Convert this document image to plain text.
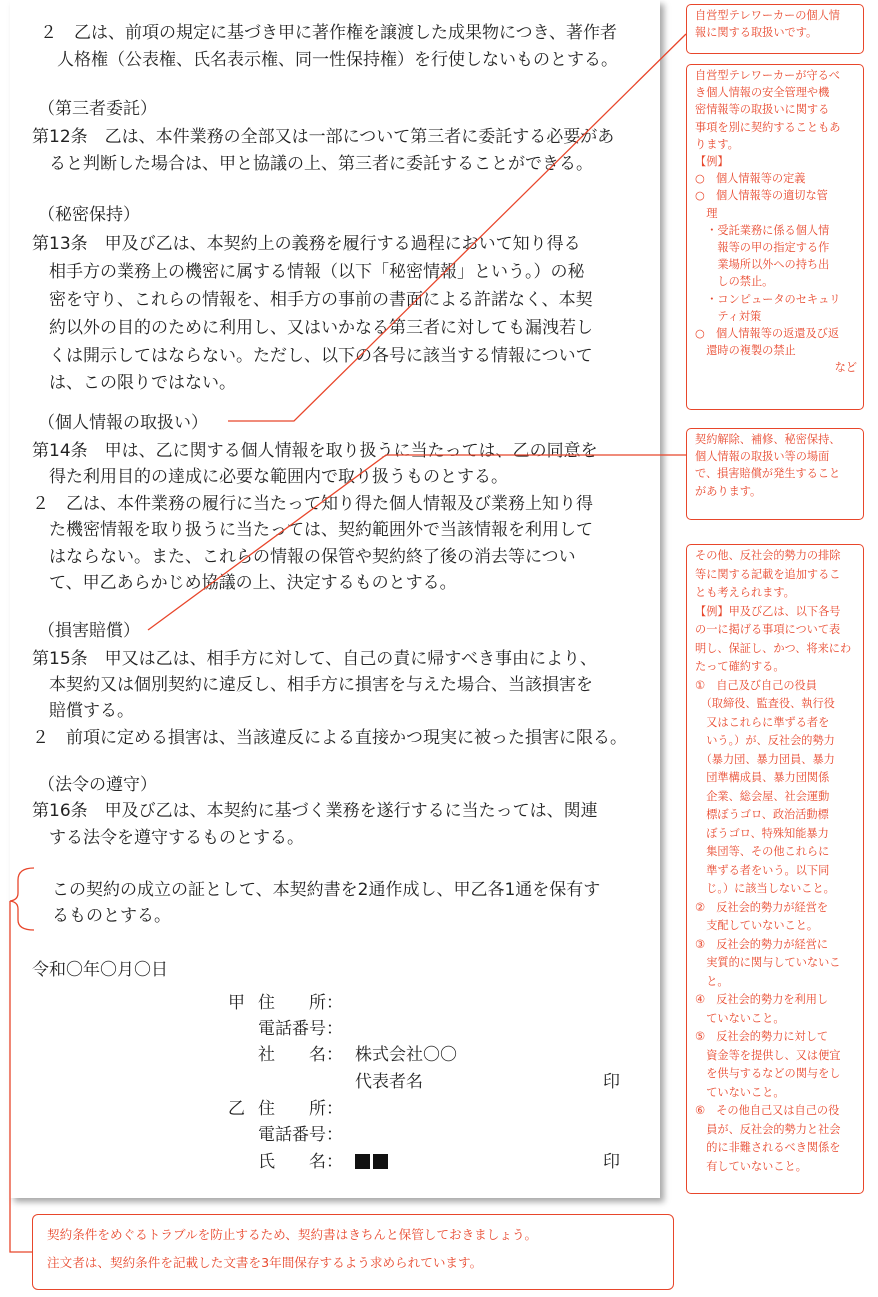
２　乙は、前項の規定に基づき甲に著作権を譲渡した成果物につき、著作者
　人格権（公表権、氏名表示権、同一性保持権）を行使しないものとする。
（第三者委託）
第12条　乙は、本件業務の全部又は一部について第三者に委託する必要があ
　ると判断した場合は、甲と協議の上、第三者に委託することができる。
（秘密保持）
第13条　甲及び乙は、本契約上の義務を履行する過程において知り得る
　相手方の業務上の機密に属する情報（以下「秘密情報」という。）の秘
　密を守り、これらの情報を、相手方の事前の書面による許諾なく、本契
　約以外の目的のために利用し、又はいかなる第三者に対しても漏洩若し
　くは開示してはならない。ただし、以下の各号に該当する情報について
　は、この限りではない。
（個人情報の取扱い）
第14条　甲は、乙に関する個人情報を取り扱うに当たっては、乙の同意を
　得た利用目的の達成に必要な範囲内で取り扱うものとする。
２　乙は、本件業務の履行に当たって知り得た個人情報及び業務上知り得
　た機密情報を取り扱うに当たっては、契約範囲外で当該情報を利用して
　はならない。また、これらの情報の保管や契約終了後の消去等につい
　て、甲乙あらかじめ協議の上、決定するものとする。
（損害賠償）
第15条　甲又は乙は、相手方に対して、自己の責に帰すべき事由により、
　本契約又は個別契約に違反し、相手方に損害を与えた場合、当該損害を
　賠償する。
２　前項に定める損害は、当該違反による直接かつ現実に被った損害に限る。
（法令の遵守）
第16条　甲及び乙は、本契約に基づく業務を遂行するに当たっては、関連
　する法令を遵守するものとする。
この契約の成立の証として、本契約書を2通作成し、甲乙各1通を保有す
るものとする。
令和〇年〇月〇日
甲 住　　所：
電話番号：
社　　名： 株式会社〇〇
代表者名	印
乙 住　　所：
電話番号：
氏　　名：	印

自営型テレワーカーの個人情

報に関する取扱いです。

自営型テレワーカーが守るべ

き個人情報の安全管理や機

密情報等の取扱いに関する

事項を別に契約することもあ

ります。

【例】

○　個人情報等の定義

○　個人情報等の適切な管

　理

　・受託業務に係る個人情

　　報等の甲の指定する作

　　業場所以外への持ち出

　　しの禁止。

　・コンピュータのセキュリ

　　ティ対策

○　個人情報等の返還及び返

　還時の複製の禁止

など

契約解除、補修、秘密保持、

個人情報の取扱い等の場面

で、損害賠償が発生すること

があります。

その他、反社会的勢力の排除

等に関する記載を追加するこ

とも考えられます。

【例】甲及び乙は、以下各号

の一に掲げる事項について表

明し、保証し、かつ、将来にわ

たって確約する。

①　自己及び自己の役員

　（取締役、監査役、執行役

　又はこれらに準ずる者を

　いう。）が、反社会的勢力

　（暴力団、暴力団員、暴力

　団準構成員、暴力団関係

　企業、総会屋、社会運動

　標ぼうゴロ、政治活動標

　ぼうゴロ、特殊知能暴力

　集団等、その他これらに

　準ずる者をいう。以下同

　じ。）に該当しないこと。

②　反社会的勢力が経営を

　支配していないこと。

③　反社会的勢力が経営に

　実質的に関与していないこ

　と。

④　反社会的勢力を利用し

　ていないこと。

⑤　反社会的勢力に対して

　資金等を提供し、又は便宜

　を供与するなどの関与をし

　ていないこと。

⑥　その他自己又は自己の役

　員が、反社会的勢力と社会

　的に非難されるべき関係を

　有していないこと。

契約条件をめぐるトラブルを防止するため、契約書はきちんと保管しておきましょう。

注文者は、契約条件を記載した文書を3年間保存するよう求められています。
